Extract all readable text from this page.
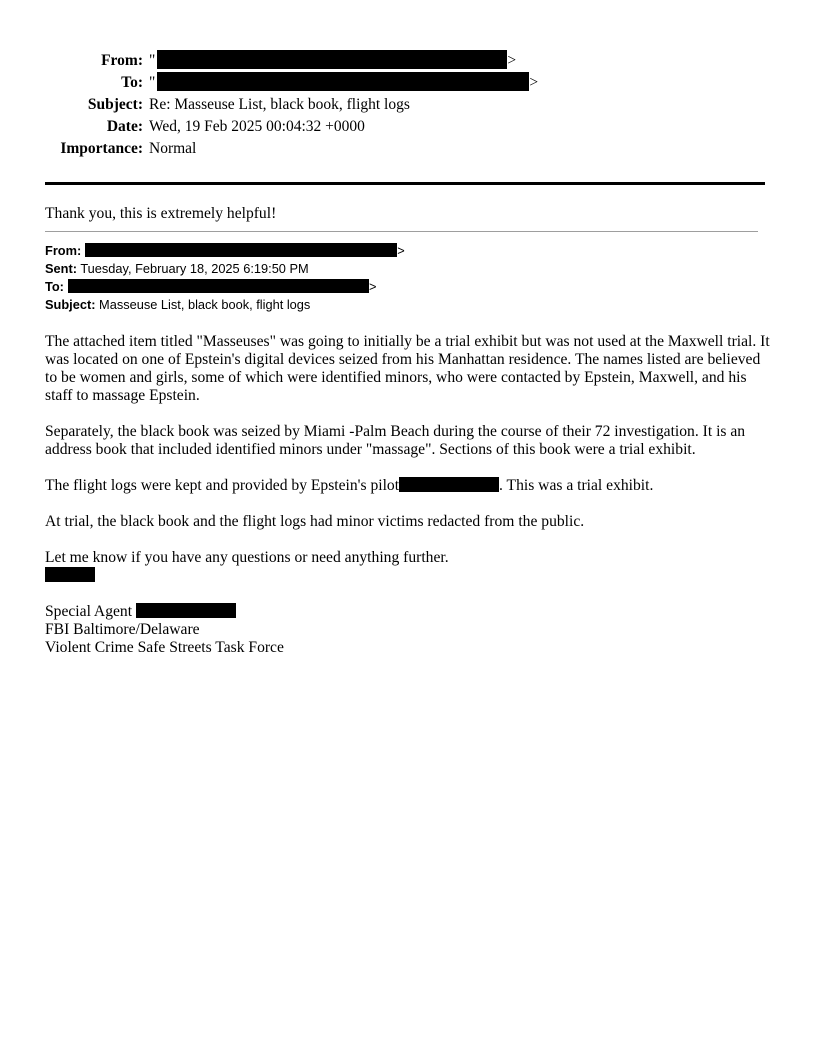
From: "	>
To: "	>
Subject: Re: Masseuse List, black book, flight logs
Date: Wed, 19 Feb 2025 00:04:32 +0000
Importance: Normal
Thank you, this is extremely helpful!
From:	>
Sent: Tuesday, February 18, 2025 6:19:50 PM
To:	>
Subject: Masseuse List, black book, flight logs

The attached item titled "Masseuses" was going to initially be a trial exhibit but was not used at the Maxwell trial. It was located on one of Epstein's digital devices seized from his Manhattan residence. The names listed are believed to be women and girls, some of which were identified minors, who were contacted by Epstein, Maxwell, and his staff to massage Epstein.

Separately, the black book was seized by Miami -Palm Beach during the course of their 72 investigation. It is an address book that included identified minors under "massage". Sections of this book were a trial exhibit.

The flight logs were kept and provided by Epstein's pilot	. This was a trial exhibit.

At trial, the black book and the flight logs had minor victims redacted from the public.

Let me know if you have any questions or need anything further.

Special Agent
FBI Baltimore/Delaware
Violent Crime Safe Streets Task Force
